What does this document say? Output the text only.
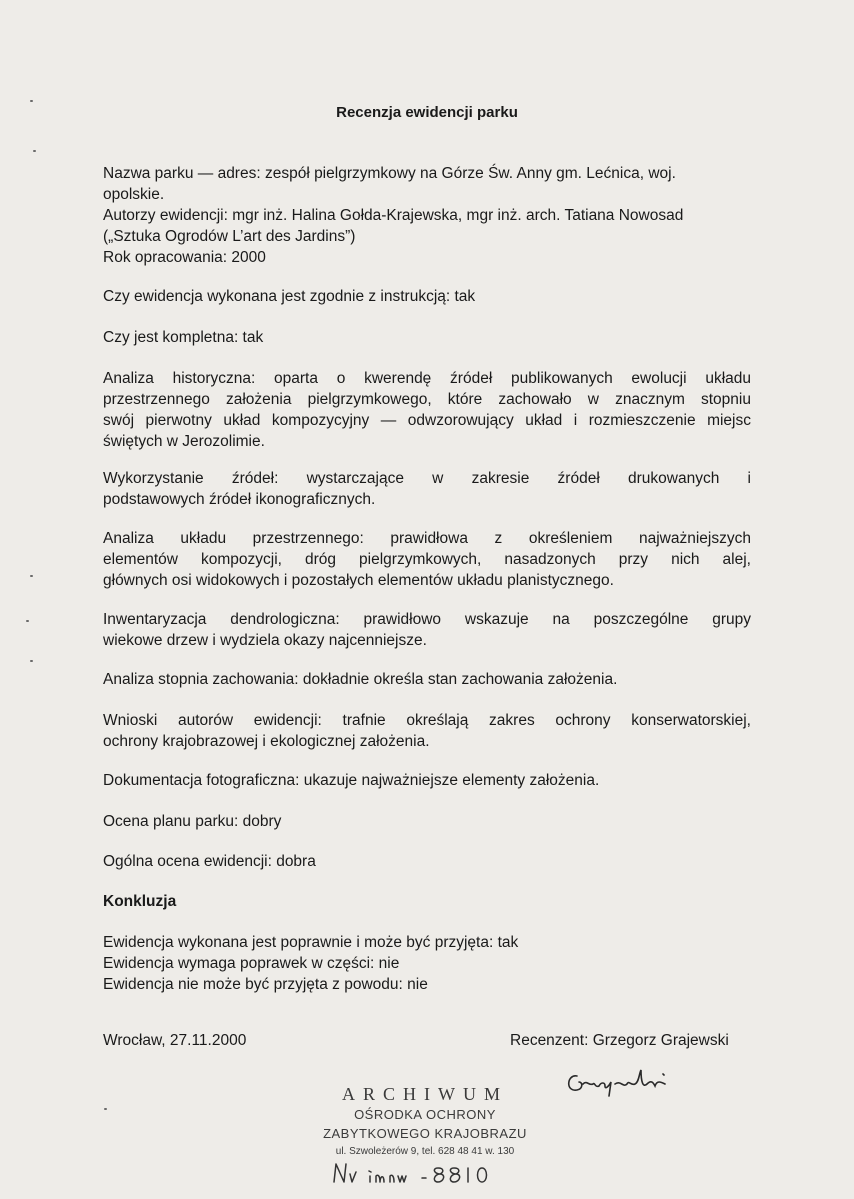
Recenzja ewidencji parku
Nazwa parku — adres: zespół pielgrzymkowy na Górze Św. Anny gm. Lećnica, woj.
opolskie.
Autorzy ewidencji: mgr inż. Halina Gołda-Krajewska, mgr inż. arch. Tatiana Nowosad
(„Sztuka Ogrodów L’art des Jardins”)
Rok opracowania: 2000
Czy ewidencja wykonana jest zgodnie z instrukcją: tak
Czy jest kompletna: tak
Analiza historyczna: oparta o kwerendę źródeł publikowanych ewolucji układu
przestrzennego założenia pielgrzymkowego, które zachowało w znacznym stopniu
swój pierwotny układ kompozycyjny — odwzorowujący układ i rozmieszczenie miejsc
świętych w Jerozolimie.
Wykorzystanie źródeł: wystarczające w zakresie źródeł drukowanych i
podstawowych źródeł ikonograficznych.
Analiza układu przestrzennego: prawidłowa z określeniem najważniejszych
elementów kompozycji, dróg pielgrzymkowych, nasadzonych przy nich alej,
głównych osi widokowych i pozostałych elementów układu planistycznego.
Inwentaryzacja dendrologiczna: prawidłowo wskazuje na poszczególne grupy
wiekowe drzew i wydziela okazy najcenniejsze.
Analiza stopnia zachowania: dokładnie określa stan zachowania założenia.
Wnioski autorów ewidencji: trafnie określają zakres ochrony konserwatorskiej,
ochrony krajobrazowej i ekologicznej założenia.
Dokumentacja fotograficzna: ukazuje najważniejsze elementy założenia.
Ocena planu parku: dobry
Ogólna ocena ewidencji: dobra
Konkluzja
Ewidencja wykonana jest poprawnie i może być przyjęta: tak
Ewidencja wymaga poprawek w części: nie
Ewidencja nie może być przyjęta z powodu: nie
Wrocław, 27.11.2000	Recenzent: Grzegorz Grajewski
ARCHIWUM
OŚRODKA OCHRONY
ZABYTKOWEGO KRAJOBRAZU
ul. Szwoleżerów 9, tel. 628 48 41 w. 130
